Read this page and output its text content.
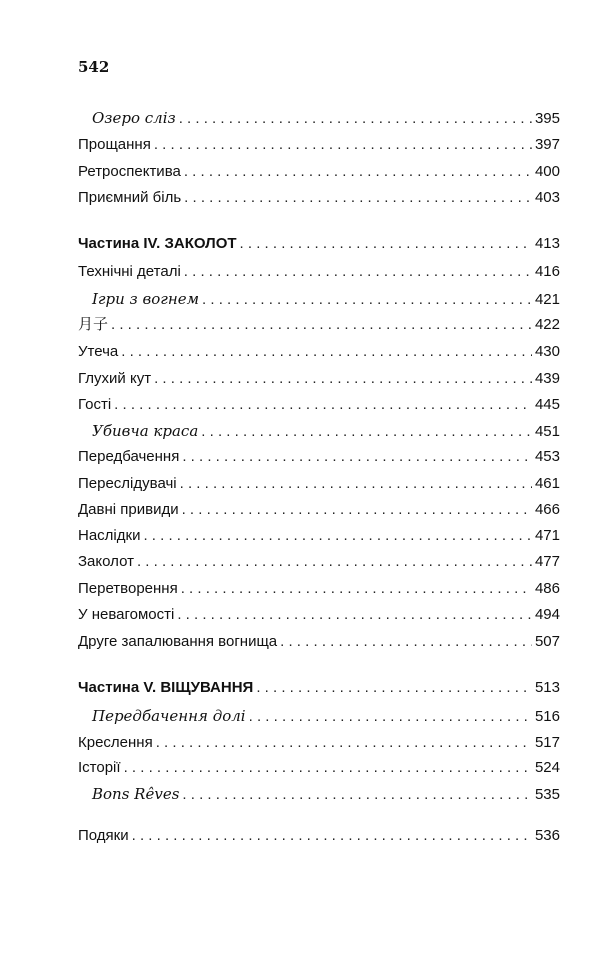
542
Озеро сліз . . .	395
Прощання . . .	397
Ретроспектива . . .	400
Приємний біль . . .	403
Частина IV. ЗАКОЛОТ . . .	413
Технічні деталі . . .	416
Ігри з вогнем . . .	421
月子 . . .	422
Утеча . . .	430
Глухий кут . . .	439
Гості . . .	445
Убивча краса . . .	451
Передбачення . . .	453
Переслідувачі . . .	461
Давні привиди . . .	466
Наслідки . . .	471
Заколот . . .	477
Перетворення . . .	486
У невагомості . . .	494
Друге запалювання вогнища . . .	507
Частина V. ВІЩУВАННЯ . . .	513
Передбачення долі . . .	516
Креслення . . .	517
Історії . . .	524
Bons Rêves . . .	535
Подяки . . .	536
